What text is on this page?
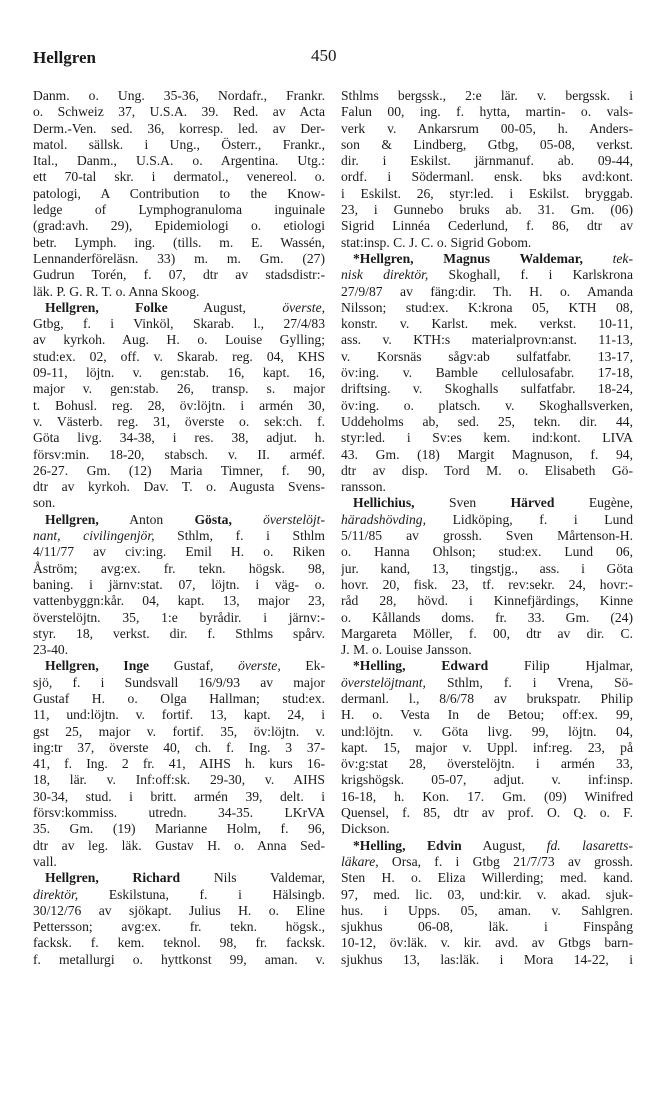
Hellgren	450
Danm. o. Ung. 35-36, Nordafr., Frankr.
o. Schweiz 37, U.S.A. 39. Red. av Acta
Derm.-Ven. sed. 36, korresp. led. av Der-
matol. sällsk. i Ung., Österr., Frankr.,
Ital., Danm., U.S.A. o. Argentina. Utg.:
ett 70-tal skr. i dermatol., venereol. o.
patologi, A Contribution to the Know-
ledge of Lymphogranuloma inguinale
(grad:avh. 29), Epidemiologi o. etiologi
betr. Lymph. ing. (tills. m. E. Wassén,
Lennanderföreläsn. 33) m. m. Gm. (27)
Gudrun Torén, f. 07, dtr av stadsdistr:-
läk. P. G. R. T. o. Anna Skoog.
Hellgren, Folke August, överste,
Gtbg, f. i Vinköl, Skarab. l., 27/4/83
av kyrkoh. Aug. H. o. Louise Gylling;
stud:ex. 02, off. v. Skarab. reg. 04, KHS
09-11, löjtn. v. gen:stab. 16, kapt. 16,
major v. gen:stab. 26, transp. s. major
t. Bohusl. reg. 28, öv:löjtn. i armén 30,
v. Västerb. reg. 31, överste o. sek:ch. f.
Göta livg. 34-38, i res. 38, adjut. h.
försv:min. 18-20, stabsch. v. II. arméf.
26-27. Gm. (12) Maria Timner, f. 90,
dtr av kyrkoh. Dav. T. o. Augusta Svens-
son.
Hellgren, Anton Gösta, överstelöjt-
nant, civilingenjör, Sthlm, f. i Sthlm
4/11/77 av civ:ing. Emil H. o. Riken
Åström; avg:ex. fr. tekn. högsk. 98,
baning. i järnv:stat. 07, löjtn. i väg- o.
vattenbyggn:kår. 04, kapt. 13, major 23,
överstelöjtn. 35, 1:e byrådir. i järnv:-
styr. 18, verkst. dir. f. Sthlms spårv.
23-40.
Hellgren, Inge Gustaf, överste, Ek-
sjö, f. i Sundsvall 16/9/93 av major
Gustaf H. o. Olga Hallman; stud:ex.
11, und:löjtn. v. fortif. 13, kapt. 24, i
gst 25, major v. fortif. 35, öv:löjtn. v.
ing:tr 37, överste 40, ch. f. Ing. 3 37-
41, f. Ing. 2 fr. 41, AIHS h. kurs 16-
18, lär. v. Inf:off:sk. 29-30, v. AIHS
30-34, stud. i britt. armén 39, delt. i
försv:kommiss. utredn. 34-35. LKrVA
35. Gm. (19) Marianne Holm, f. 96,
dtr av leg. läk. Gustav H. o. Anna Sed-
vall.
Hellgren, Richard Nils Valdemar,
direktör, Eskilstuna, f. i Hälsingb.
30/12/76 av sjökapt. Julius H. o. Eline
Pettersson; avg:ex. fr. tekn. högsk.,
facksk. f. kem. teknol. 98, fr. facksk.
f. metallurgi o. hyttkonst 99, aman. v.
Sthlms bergssk., 2:e lär. v. bergssk. i
Falun 00, ing. f. hytta, martin- o. vals-
verk v. Ankarsrum 00-05, h. Anders-
son & Lindberg, Gtbg, 05-08, verkst.
dir. i Eskilst. järnmanuf. ab. 09-44,
ordf. i Södermanl. ensk. bks avd:kont.
i Eskilst. 26, styr:led. i Eskilst. bryggab.
23, i Gunnebo bruks ab. 31. Gm. (06)
Sigrid Linnéa Cederlund, f. 86, dtr av
stat:insp. C. J. C. o. Sigrid Gobom.
*Hellgren, Magnus Waldemar, tek-
nisk direktör, Skoghall, f. i Karlskrona
27/9/87 av fäng:dir. Th. H. o. Amanda
Nilsson; stud:ex. K:krona 05, KTH 08,
konstr. v. Karlst. mek. verkst. 10-11,
ass. v. KTH:s materialprovn:anst. 11-13,
v. Korsnäs sågv:ab sulfatfabr. 13-17,
öv:ing. v. Bamble cellulosafabr. 17-18,
driftsing. v. Skoghalls sulfatfabr. 18-24,
öv:ing. o. platsch. v. Skoghallsverken,
Uddeholms ab, sed. 25, tekn. dir. 44,
styr:led. i Sv:es kem. ind:kont. LIVA
43. Gm. (18) Margit Magnuson, f. 94,
dtr av disp. Tord M. o. Elisabeth Gö-
ransson.
Hellichius, Sven Härved Eugène,
häradshövding, Lidköping, f. i Lund
5/11/85 av grossh. Sven Mårtenson-H.
o. Hanna Ohlson; stud:ex. Lund 06,
jur. kand, 13, tingstjg., ass. i Göta
hovr. 20, fisk. 23, tf. rev:sekr. 24, hovr:-
råd 28, hövd. i Kinnefjärdings, Kinne
o. Kållands doms. fr. 33. Gm. (24)
Margareta Möller, f. 00, dtr av dir. C.
J. M. o. Louise Jansson.
*Helling, Edward Filip Hjalmar,
överstelöjtnant, Sthlm, f. i Vrena, Sö-
dermanl. l., 8/6/78 av brukspatr. Philip
H. o. Vesta In de Betou; off:ex. 99,
und:löjtn. v. Göta livg. 99, löjtn. 04,
kapt. 15, major v. Uppl. inf:reg. 23, på
öv:g:stat 28, överstelöjtn. i armén 33,
krigshögsk. 05-07, adjut. v. inf:insp.
16-18, h. Kon. 17. Gm. (09) Winifred
Quensel, f. 85, dtr av prof. O. Q. o. F.
Dickson.
*Helling, Edvin August, fd. lasaretts-
läkare, Orsa, f. i Gtbg 21/7/73 av grossh.
Sten H. o. Eliza Willerding; med. kand.
97, med. lic. 03, und:kir. v. akad. sjuk-
hus. i Upps. 05, aman. v. Sahlgren.
sjukhus 06-08, läk. i Finspång
10-12, öv:läk. v. kir. avd. av Gtbgs barn-
sjukhus 13, las:läk. i Mora 14-22, i
